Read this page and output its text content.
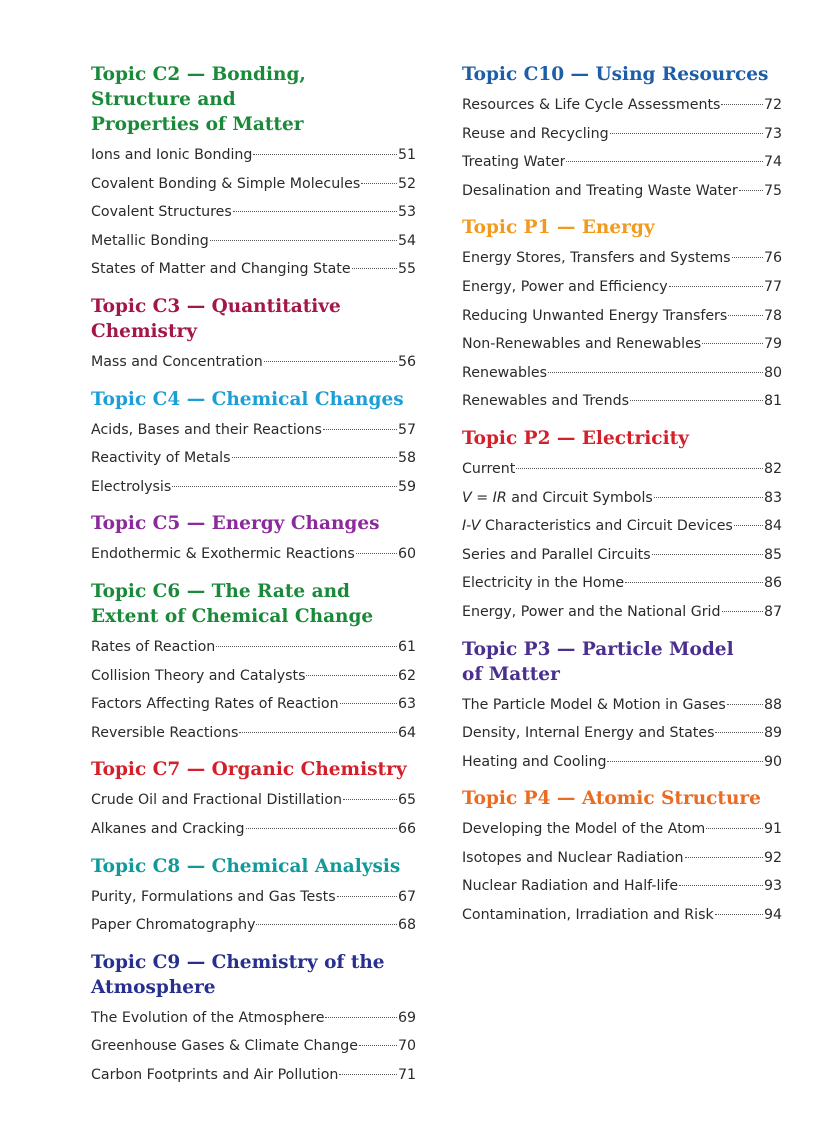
Topic C2 — Bonding,
Structure and
Properties of Matter
Ions and Ionic Bonding	51
Covalent Bonding & Simple Molecules	52
Covalent Structures	53
Metallic Bonding	54
States of Matter and Changing State	55
Topic C3 — Quantitative
Chemistry
Mass and Concentration	56
Topic C4 — Chemical Changes
Acids, Bases and their Reactions	57
Reactivity of Metals	58
Electrolysis	59
Topic C5 — Energy Changes
Endothermic & Exothermic Reactions	60
Topic C6 — The Rate and
Extent of Chemical Change
Rates of Reaction	61
Collision Theory and Catalysts	62
Factors Affecting Rates of Reaction	63
Reversible Reactions	64
Topic C7 — Organic Chemistry
Crude Oil and Fractional Distillation	65
Alkanes and Cracking	66
Topic C8 — Chemical Analysis
Purity, Formulations and Gas Tests	67
Paper Chromatography	68
Topic C9 — Chemistry of the
Atmosphere
The Evolution of the Atmosphere	69
Greenhouse Gases & Climate Change	70
Carbon Footprints and Air Pollution	71
Topic C10 — Using Resources
Resources & Life Cycle Assessments	72
Reuse and Recycling	73
Treating Water	74
Desalination and Treating Waste Water 75
Topic P1 — Energy
Energy Stores, Transfers and Systems 76
Energy, Power and Efficiency	77
Reducing Unwanted Energy Transfers	78
Non-Renewables and Renewables	79
Renewables	80
Renewables and Trends	81
Topic P2 — Electricity
Current	82
V = IR and Circuit Symbols	83
I-V Characteristics and Circuit Devices 84
Series and Parallel Circuits	85
Electricity in the Home	86
Energy, Power and the National Grid	87
Topic P3 — Particle Model
of Matter
The Particle Model & Motion in Gases	88
Density, Internal Energy and States	89
Heating and Cooling	90
Topic P4 — Atomic Structure
Developing the Model of the Atom	91
Isotopes and Nuclear Radiation	92
Nuclear Radiation and Half-life	93
Contamination, Irradiation and Risk	94
